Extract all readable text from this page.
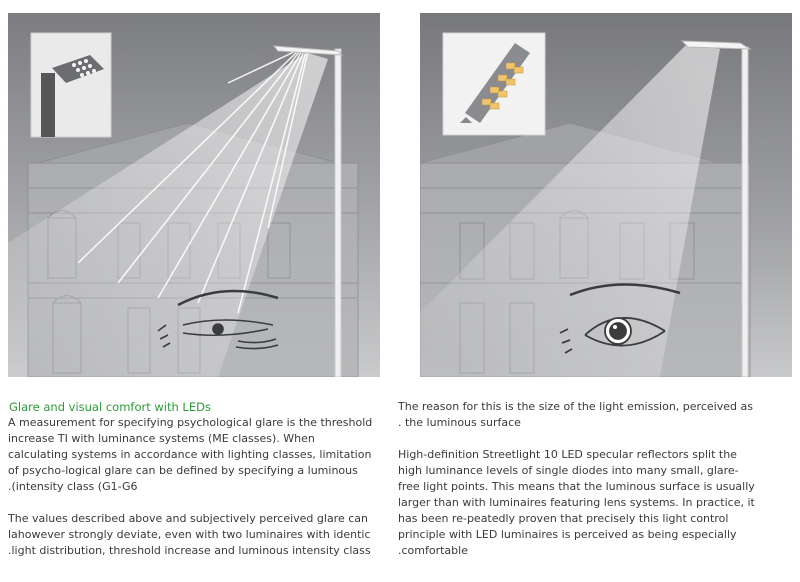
Glare and visual comfort with LEDs

A measurement for specifying psychological glare is the threshold
increase TI with luminance systems (ME classes). When
calculating systems in accordance with lighting classes, limitation
of psycho-logical glare can be defined by specifying a luminous
.(intensity class (G1-G6

The values described above and subjectively perceived glare can
lahowever strongly deviate, even with two luminaires with identic
.light distribution, threshold increase and luminous intensity class

The reason for this is the size of the light emission, perceived as
. the luminous surface

High-definition Streetlight 10 LED specular reflectors split the
high luminance levels of single diodes into many small, glare-
free light points. This means that the luminous surface is usually
larger than with luminaires featuring lens systems. In practice, it
has been re-peatedly proven that precisely this light control
principle with LED luminaires is perceived as being especially
.comfortable
